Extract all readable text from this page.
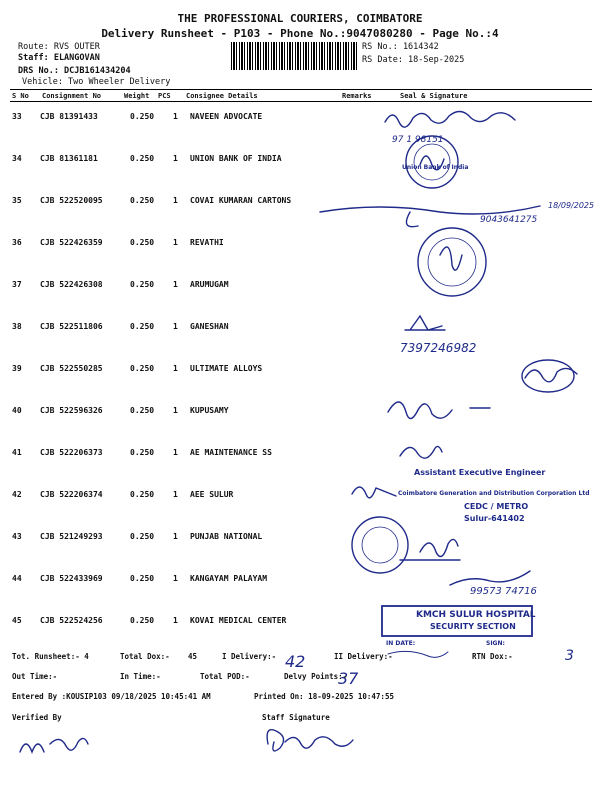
THE PROFESSIONAL COURIERS, COIMBATORE
Delivery Runsheet - P103 - Phone No.:9047080280 - Page No.:4
Route: RVS OUTER
Staff: ELANGOVAN
DRS No.: DCJB161434204
Vehicle: Two Wheeler Delivery
RS No.: 1614342
RS Date: 18-Sep-2025
S No Consignment No	Weight PCS Consignee Details	Remarks	Seal & Signature
33 CJB 81391433	0.250 1 NAVEEN ADVOCATE
34 CJB 81361181	0.250 1 UNION BANK OF INDIA
35 CJB 522520095	0.250 1 COVAI KUMARAN CARTONS
36 CJB 522426359	0.250 1 REVATHI
37 CJB 522426308	0.250 1 ARUMUGAM
38 CJB 522511806	0.250 1 GANESHAN
39 CJB 522550285	0.250 1 ULTIMATE ALLOYS
40 CJB 522596326	0.250 1 KUPUSAMY
41 CJB 522206373	0.250 1 AE MAINTENANCE SS
42 CJB 522206374	0.250 1 AEE SULUR
43 CJB 521249293	0.250 1 PUNJAB NATIONAL
44 CJB 522433969	0.250 1 KANGAYAM PALAYAM
45 CJB 522524256	0.250 1 KOVAI MEDICAL CENTER
97 1 98151
18/09/2025
9043641275
7397246982
99573 74716
42	3
37
Union Bank of India
Assistant Executive Engineer
Coimbatore Generation and Distribution Corporation Ltd
CEDC / METRO
Sulur-641402
KMCH SULUR HOSPITAL
SECURITY SECTION
IN DATE:	SIGN:
Tot. Runsheet:- 4	Total Dox:- 45	I Delivery:-	II Delivery:-	RTN Dox:-
Out Time:-	In Time:-	Total POD:-	Delvy Points:-
Entered By :KOUSIP103 09/18/2025 10:45:41 AM	Printed On: 18-09-2025 10:47:55
Verified By	Staff Signature
